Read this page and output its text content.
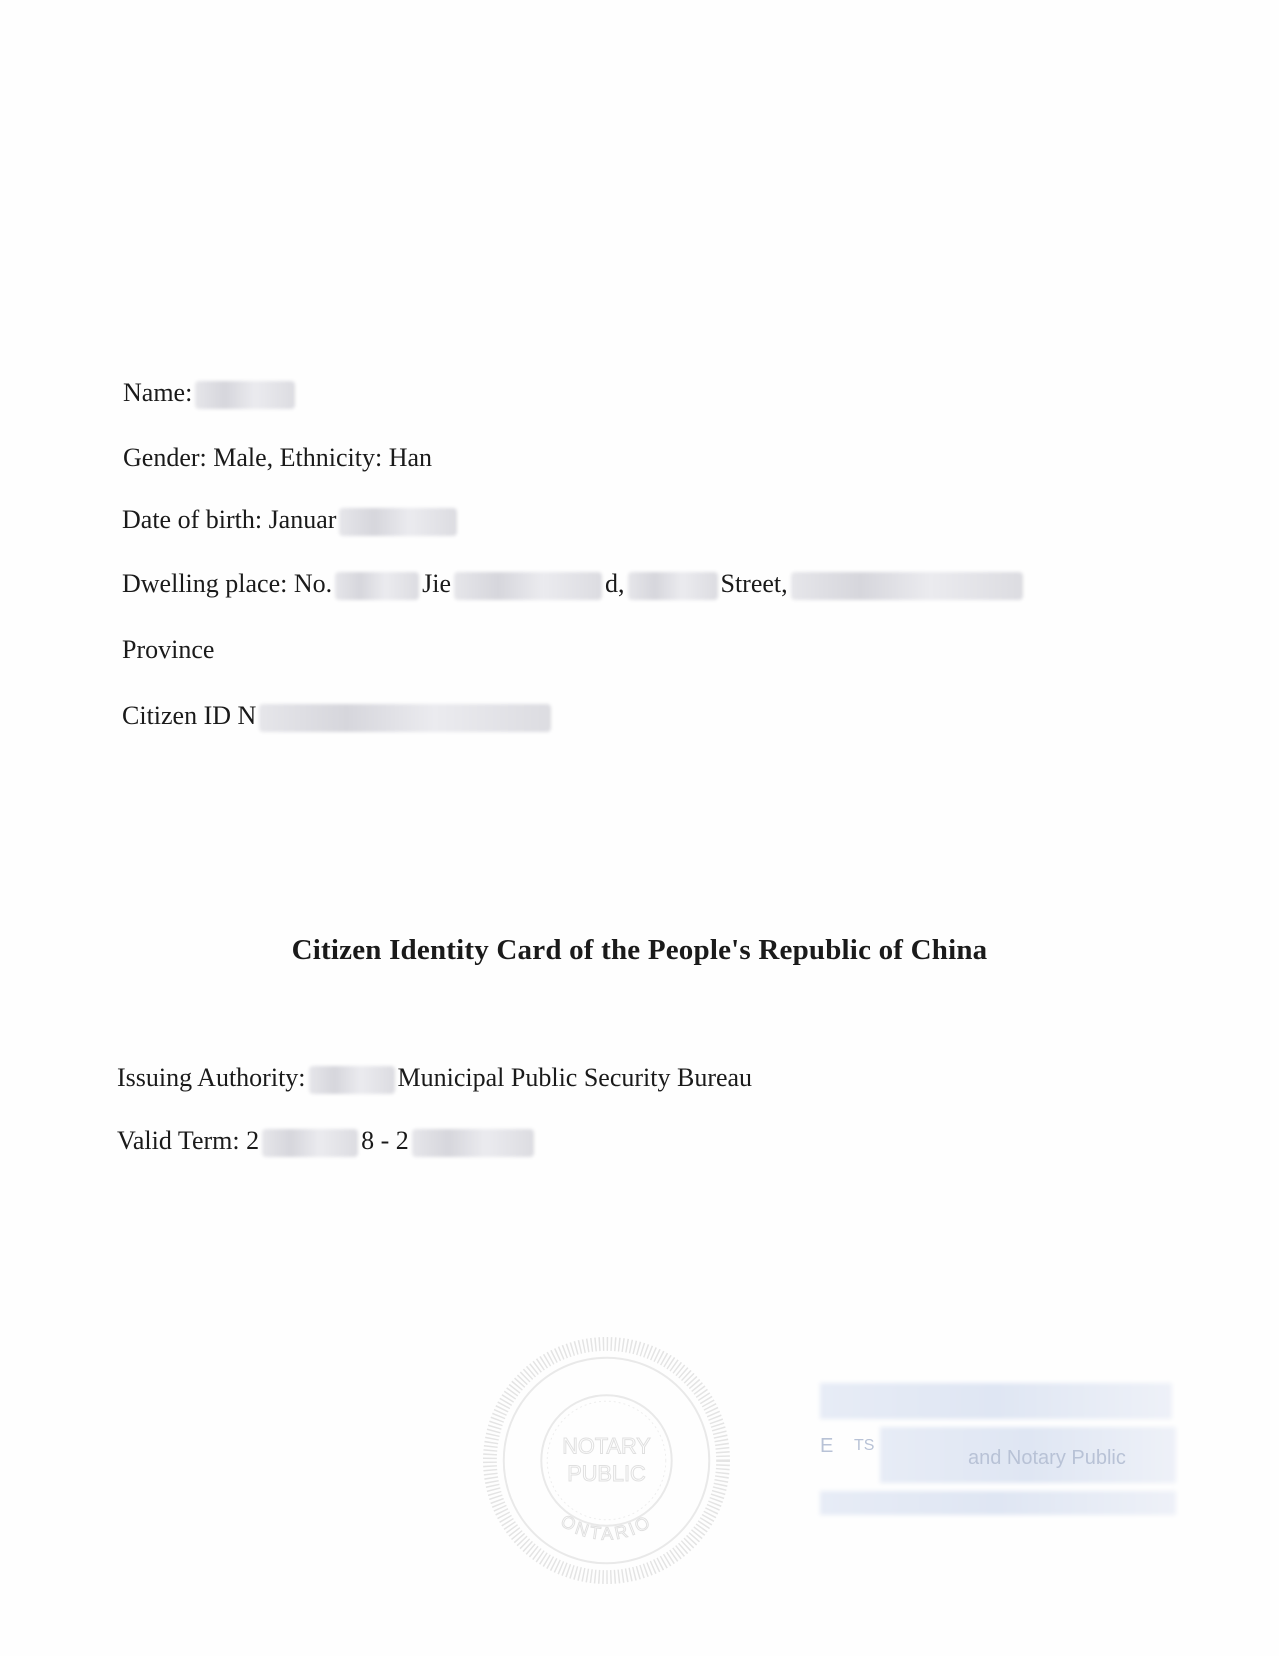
Name:
Gender: Male, Ethnicity: Han
Date of birth: Januar
Dwelling place: No.	Jie	d,	Street,
Province
Citizen ID N
Citizen Identity Card of the People's Republic of China
Issuing Authority:	Municipal Public Security Bureau
Valid Term: 2	8 - 2
NOTARY
PUBLIC
ONTARIO
E TS
and Notary Public
